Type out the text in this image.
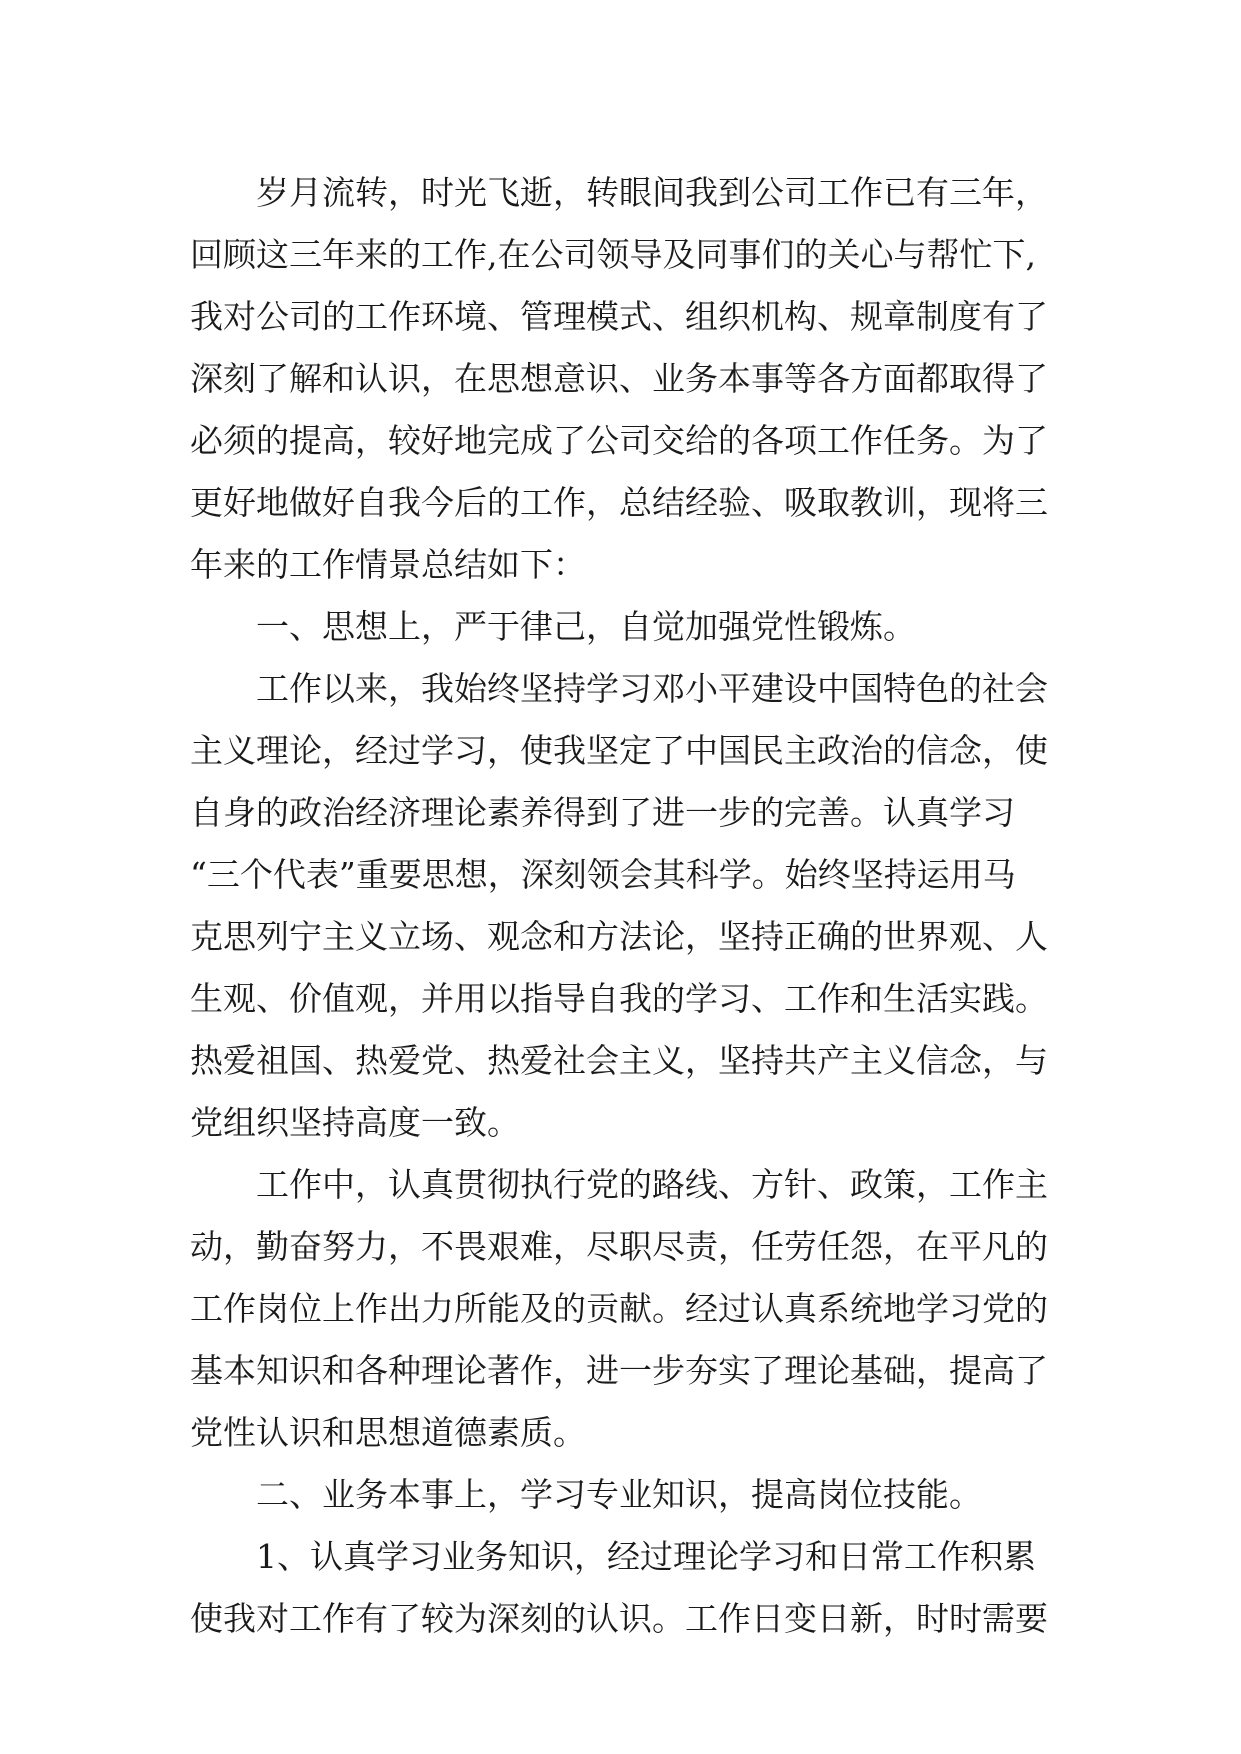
岁月流转，时光飞逝，转眼间我到公司工作已有三年，
回顾这三年来的工作,在公司领导及同事们的关心与帮忙下,
我对公司的工作环境、管理模式、组织机构、规章制度有了
深刻了解和认识，在思想意识、业务本事等各方面都取得了
必须的提高，较好地完成了公司交给的各项工作任务。为了
更好地做好自我今后的工作，总结经验、吸取教训，现将三
年来的工作情景总结如下：
一、思想上，严于律己，自觉加强党性锻炼。
工作以来，我始终坚持学习邓小平建设中国特色的社会
主义理论，经过学习，使我坚定了中国民主政治的信念，使
自身的政治经济理论素养得到了进一步的完善。认真学习
“三个代表”重要思想，深刻领会其科学。始终坚持运用马
克思列宁主义立场、观念和方法论，坚持正确的世界观、人
生观、价值观，并用以指导自我的学习、工作和生活实践。
热爱祖国、热爱党、热爱社会主义，坚持共产主义信念，与
党组织坚持高度一致。
工作中，认真贯彻执行党的路线、方针、政策，工作主
动，勤奋努力，不畏艰难，尽职尽责，任劳任怨，在平凡的
工作岗位上作出力所能及的贡献。经过认真系统地学习党的
基本知识和各种理论著作，进一步夯实了理论基础，提高了
党性认识和思想道德素质。
二、业务本事上，学习专业知识，提高岗位技能。
1、认真学习业务知识，经过理论学习和日常工作积累
使我对工作有了较为深刻的认识。工作日变日新，时时需要
